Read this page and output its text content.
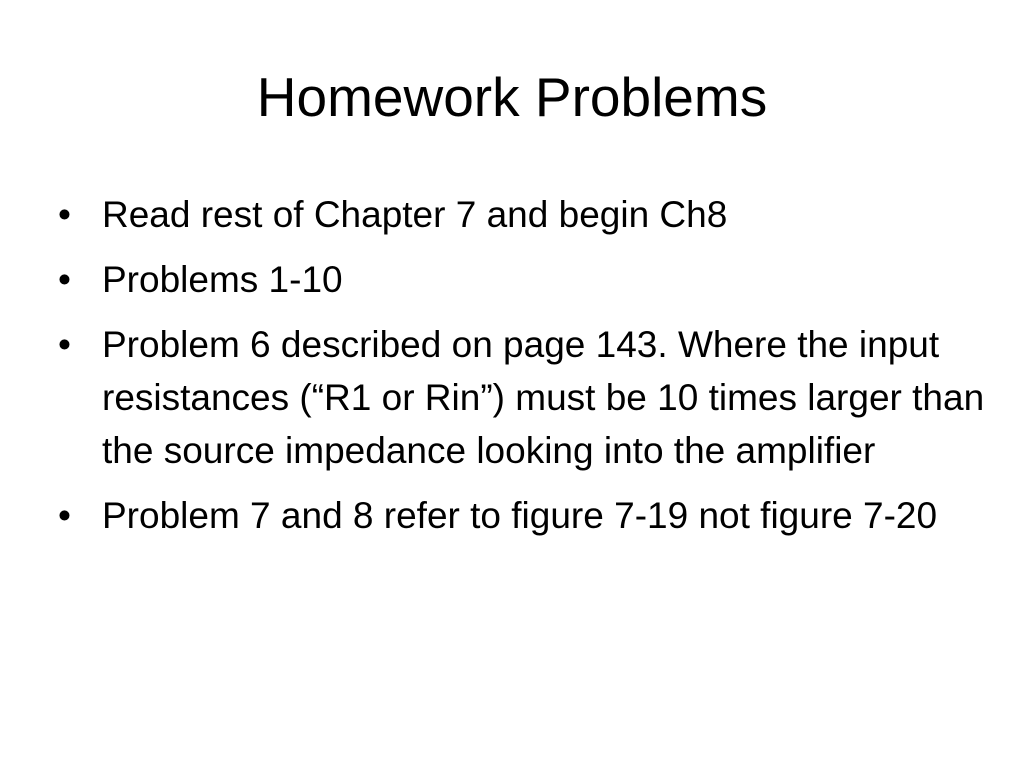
Homework Problems
• Read rest of Chapter 7 and begin Ch8
• Problems 1-10
• Problem 6 described on page 143. Where the input resistances (“R1 or Rin”) must be 10 times larger than the source impedance looking into the amplifier
• Problem 7 and 8 refer to figure 7-19 not figure 7-20
